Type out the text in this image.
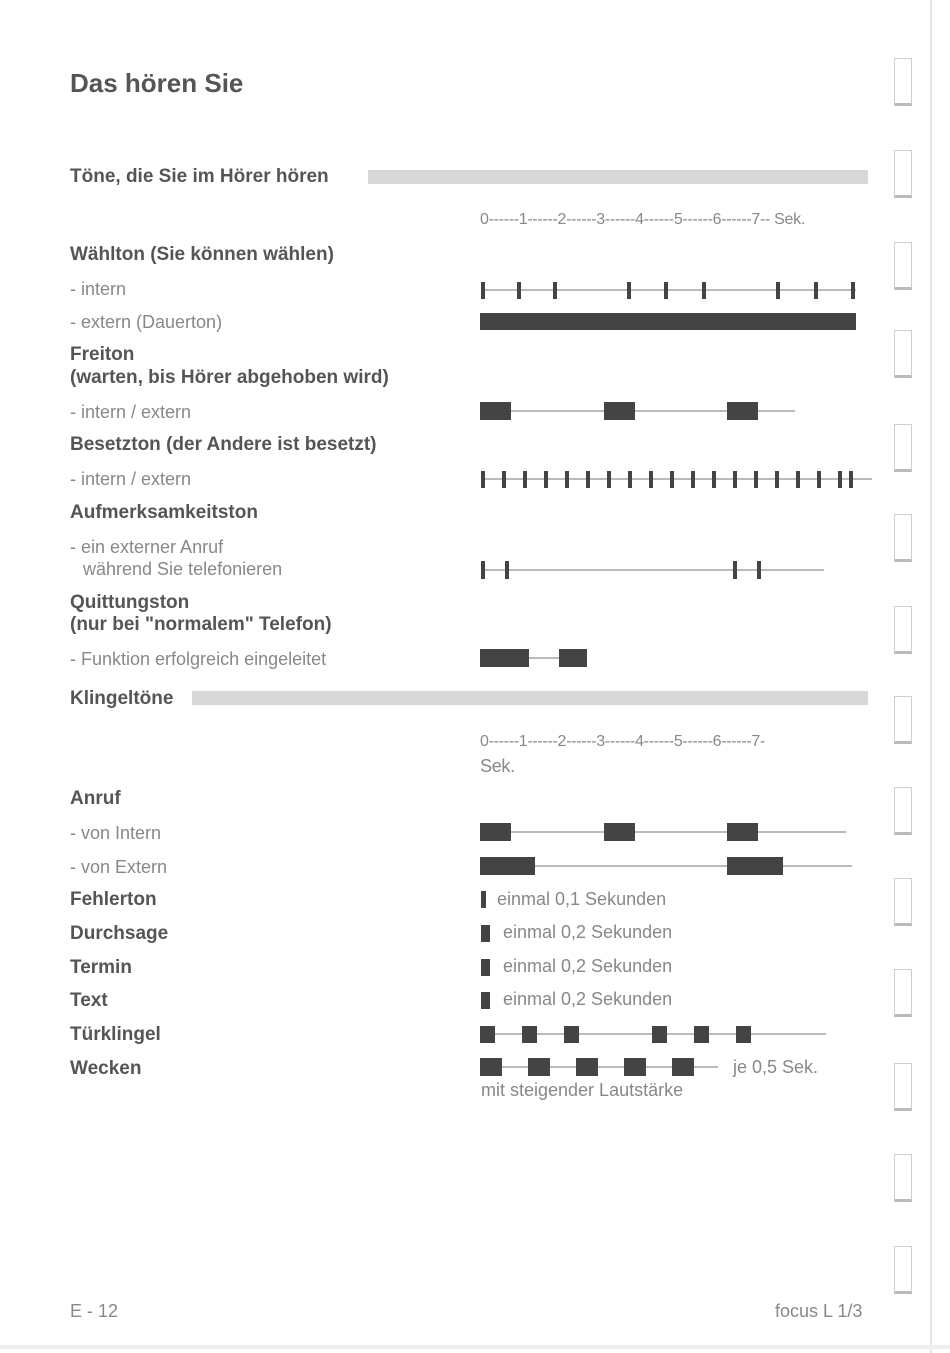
Das hören Sie
Töne, die Sie im Hörer hören
0------1------2------3------4------5------6------7-- Sek.
Wählton (Sie können wählen)
- intern
- extern (Dauerton)
Freiton
(warten, bis Hörer abgehoben wird)
- intern / extern
Besetzton (der Andere ist besetzt)
- intern / extern
Aufmerksamkeitston
- ein externer Anruf
während Sie telefonieren
Quittungston
(nur bei "normalem" Telefon)
- Funktion erfolgreich eingeleitet
Klingeltöne
0------1------2------3------4------5------6------7-
Sek.
Anruf
- von Intern
- von Extern
Fehlerton	einmal 0,1 Sekunden
Durchsage	einmal 0,2 Sekunden
Termin	einmal 0,2 Sekunden
Text	einmal 0,2 Sekunden
Türklingel
Wecken	je 0,5 Sek.
mit steigender Lautstärke
E - 12	focus L 1/3
